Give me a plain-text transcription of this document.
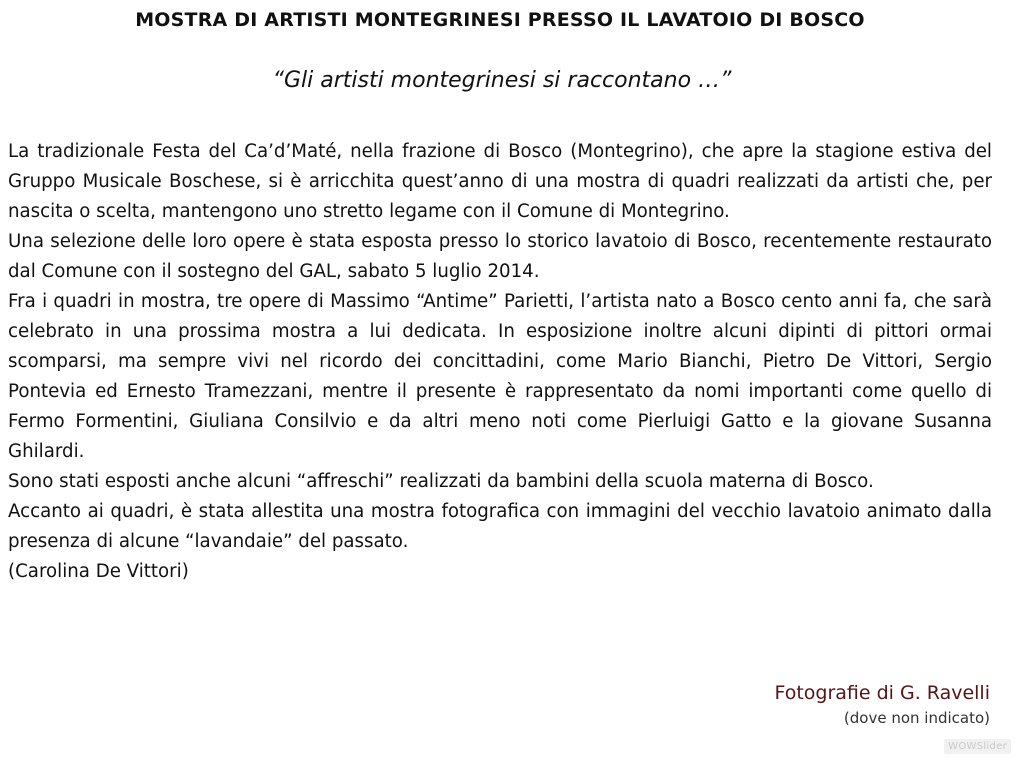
MOSTRA DI ARTISTI MONTEGRINESI PRESSO IL LAVATOIO DI BOSCO
“Gli artisti montegrinesi si raccontano …”

La tradizionale Festa del Ca’d’Maté, nella frazione di Bosco (Montegrino), che apre la stagione estiva del Gruppo Musicale Boschese, si è arricchita quest’anno di una mostra di quadri realizzati da artisti che, per nascita o scelta, mantengono uno stretto legame con il Comune di Montegrino.

Una selezione delle loro opere è stata esposta presso lo storico lavatoio di Bosco, recentemente restaurato dal Comune con il sostegno del GAL, sabato 5 luglio 2014.

Fra i quadri in mostra, tre opere di Massimo “Antime” Parietti, l’artista nato a Bosco cento anni fa, che sarà celebrato in una prossima mostra a lui dedicata. In esposizione inoltre alcuni dipinti di pittori ormai scomparsi, ma sempre vivi nel ricordo dei concittadini, come Mario Bianchi, Pietro De Vittori, Sergio Pontevia ed Ernesto Tramezzani, mentre il presente è rappresentato da nomi importanti come quello di Fermo Formentini, Giuliana Consilvio e da altri meno noti come Pierluigi Gatto e la giovane Susanna Ghilardi.

Sono stati esposti anche alcuni “affreschi” realizzati da bambini della scuola materna di Bosco.

Accanto ai quadri, è stata allestita una mostra fotografica con immagini del vecchio lavatoio animato dalla presenza di alcune “lavandaie” del passato.

(Carolina De Vittori)

Fotografie di G. Ravelli
(dove non indicato)
WOWSlider
